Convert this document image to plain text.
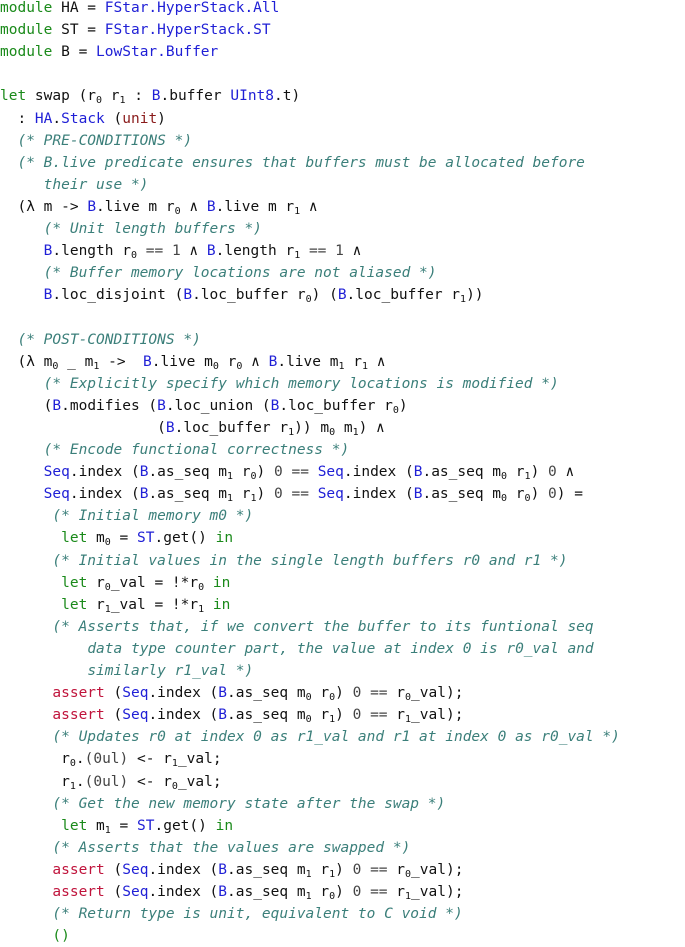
module HA = FStar.HyperStack.All
module ST = FStar.HyperStack.ST
module B = LowStar.Buffer
let swap ($r_0$ $r_1$ : B.buffer UInt8.t)
: HA.Stack (unit)
(* PRE-CONDITIONS *)
(* B.live predicate ensures that buffers must be allocated before
their use *)
(λ m -> B.live m $r_0$ ∧ B.live m $r_1$ ∧
(* Unit length buffers *)
B.length $r_0 == 1$ ∧ B.length $r_1 == 1$ ∧
(* Buffer memory locations are not aliased *)
B.loc_disjoint (B.loc_buffer $r_0$) (B.loc_buffer $r_1$))
(* POST-CONDITIONS *)
(λ $m_0$ _ $m_1$ ->  B.live $m_0$ $r_0$ ∧ B.live $m_1$ $r_1$ ∧
(* Explicitly specify which memory locations is modified *)
(B.modifies (B.loc_union (B.loc_buffer $r_0$)
(B.loc_buffer $r_1$)) $m_0$ $m_1$) ∧
(* Encode functional correctness *)
Seq.index (B.as_seq $m_1$ $r_0$) 0 == Seq.index (B.as_seq $m_0$ $r_1$) 0 ∧
Seq.index (B.as_seq $m_1$ $r_1$) 0 == Seq.index (B.as_seq $m_0$ $r_0$) 0) =
(* Initial memory m0 *)
let $m_0 = ST.get()$ in
(* Initial values in the single length buffers r0 and r1 *)
let $r_0\_val = !*r_0$ in
let $r_1\_val = !*r_1$ in
(* Asserts that, if we convert the buffer to its funtional seq
data type counter part, the value at index 0 is r0_val and
similarly r1_val *)
assert (Seq.index (B.as_seq $m_0$ $r_0$) $0 == r_0\_val$);
assert (Seq.index (B.as_seq $m_0$ $r_1$) $0 == r_1\_val$);
(* Updates r0 at index 0 as r1_val and r1 at index 0 as r0_val *)
$r_0.(0ul)$ <- $r_1\_val$;
$r_1.(0ul)$ <- $r_0\_val$;
(* Get the new memory state after the swap *)
let $m_1 = ST.get()$ in
(* Asserts that the values are swapped *)
assert (Seq.index (B.as_seq $m_1$ $r_1$) $0 == r_0\_val$);
assert (Seq.index (B.as_seq $m_1$ $r_0$) $0 == r_1\_val$);
(* Return type is unit, equivalent to C void *)
()
